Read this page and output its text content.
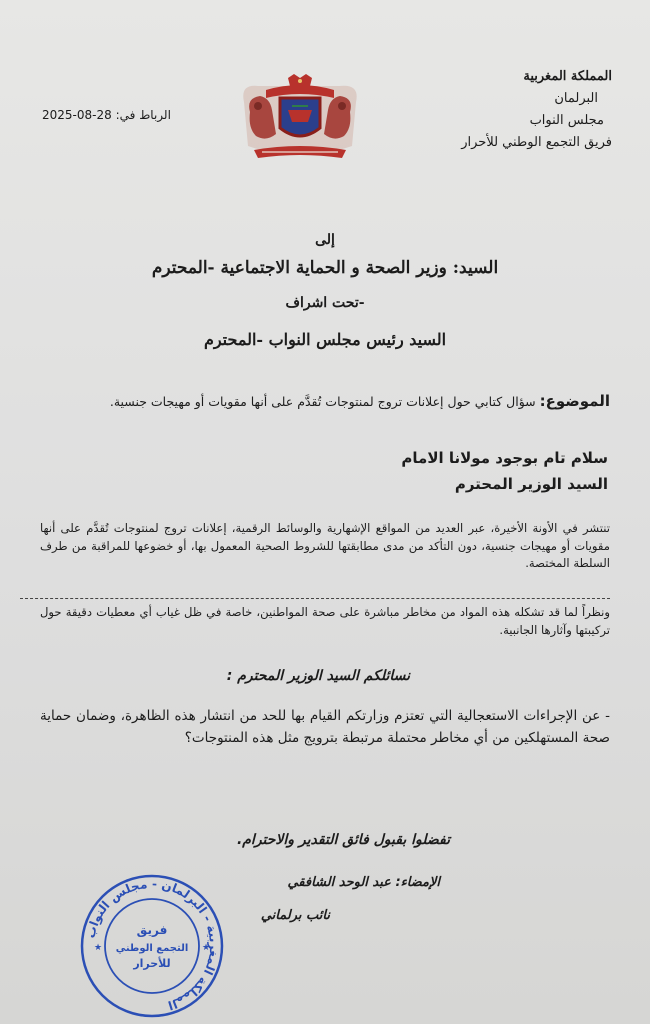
المملكة المغربية
البرلمان
مجلس النواب
فريق التجمع الوطني للأحرار
الرباط في: 28-08-2025
إلى
السيد: وزير الصحة و الحماية الاجتماعية -المحترم
-تحت اشراف
السيد رئيس مجلس النواب -المحترم
الموضوع: سؤال كتابي حول إعلانات تروج لمنتوجات تُقدَّم على أنها مقويات أو مهيجات جنسية.
سلام تام بوجود مولانا الامام
السيد الوزير المحترم
تنتشر في الأونة الأخيرة، عبر العديد من المواقع الإشهارية والوسائط الرقمية، إعلانات تروج لمنتوجات تُقدَّم على أنها مقويات أو مهيجات جنسية، دون التأكد من مدى مطابقتها للشروط الصحية المعمول بها، أو خضوعها للمراقبة من طرف السلطة المختصة.
ونظراً لما قد تشكله هذه المواد من مخاطر مباشرة على صحة المواطنين، خاصة في ظل غياب أي معطيات دقيقة حول تركيبتها وآثارها الجانبية.
نسائلكم السيد الوزير المحترم :
- عن الإجراءات الاستعجالية التي تعتزم وزارتكم القيام بها للحد من انتشار هذه الظاهرة، وضمان حماية صحة المستهلكين من أي مخاطر محتملة مرتبطة بترويج مثل هذه المنتوجات؟
تفضلوا بقبول فائق التقدير والاحترام.
الإمضاء: عبد الوحد الشافقي
نائب برلماني
المملكة المغربية - البرلمان - مجلس النواب
فريق
التجمع الوطني
للأحرار
★	★
